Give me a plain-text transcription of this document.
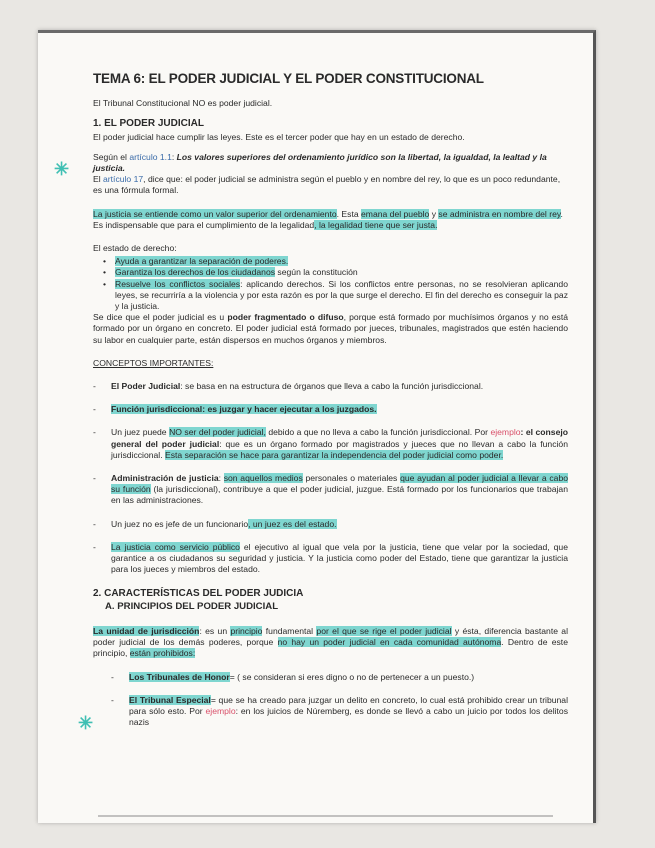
✳
✳
TEMA 6: EL PODER JUDICIAL Y EL PODER CONSTITUCIONAL

El Tribunal Constitucional NO es poder judicial.

1. EL PODER JUDICIAL

El poder judicial hace cumplir las leyes. Este es el tercer poder que hay en un estado de derecho.

Según el artículo 1.1: Los valores superiores del ordenamiento jurídico son la libertad, la igualdad, la lealtad y la justicia.

El artículo 17, dice que: el poder judicial se administra según el pueblo y en nombre del rey, lo que es un poco redundante, es una fórmula formal.

La justicia se entiende como un valor superior del ordenamiento. Esta emana del pueblo y se administra en nombre del rey. Es indispensable que para el cumplimiento de la legalidad, la legalidad tiene que ser justa.

El estado de derecho:

• Ayuda a garantizar la separación de poderes.
• Garantiza los derechos de los ciudadanos según la constitución
• Resuelve los conflictos sociales: aplicando derechos. Si los conflictos entre personas, no se resolvieran aplicando leyes, se recurriría a la violencia y por esta razón es por la que surge el derecho. El fin del derecho es conseguir la paz y la justicia.

Se dice que el poder judicial es u poder fragmentado o difuso, porque está formado por muchísimos órganos y no está formado por un órgano en concreto. El poder judicial está formado por jueces, tribunales, magistrados que estén haciendo su labor en cualquier parte, están dispersos en muchos órganos y miembros.

CONCEPTOS IMPORTANTES:

- El Poder Judicial: se basa en na estructura de órganos que lleva a cabo la función jurisdiccional.
- Función jurisdiccional: es juzgar y hacer ejecutar a los juzgados.
- Un juez puede NO ser del poder judicial, debido a que no lleva a cabo la función jurisdiccional. Por ejemplo: el consejo general del poder judicial: que es un órgano formado por magistrados y jueces que no llevan a cabo la función jurisdiccional. Esta separación se hace para garantizar la independencia del poder judicial como poder.
- Administración de justicia: son aquellos medios personales o materiales que ayudan al poder judicial a llevar a cabo su función (la jurisdiccional), contribuye a que el poder judicial, juzgue. Está formado por los funcionarios que trabajan en las administraciones.
- Un juez no es jefe de un funcionario, un juez es del estado.
- La justicia como servicio público el ejecutivo al igual que vela por la justicia, tiene que velar por la sociedad, que garantice a os ciudadanos su seguridad y justicia. Y la justicia como poder del Estado, tiene que garantizar la justicia para los jueces y miembros del estado.
2. CARACTERÍSTICAS DEL PODER JUDICIA
A. PRINCIPIOS DEL PODER JUDICIAL

La unidad de jurisdicción: es un principio fundamental por el que se rige el poder judicial y ésta, diferencia bastante al poder judicial de los demás poderes, porque no hay un poder judicial en cada comunidad autónoma. Dentro de este principio, están prohibidos:

- Los Tribunales de Honor= ( se consideran si eres digno o no de pertenecer a un puesto.)
- El Tribunal Especial= que se ha creado para juzgar un delito en concreto, lo cual está prohibido crear un tribunal para sólo esto. Por ejemplo: en los juicios de Núremberg, es donde se llevó a cabo un juicio por todos los delitos nazis
